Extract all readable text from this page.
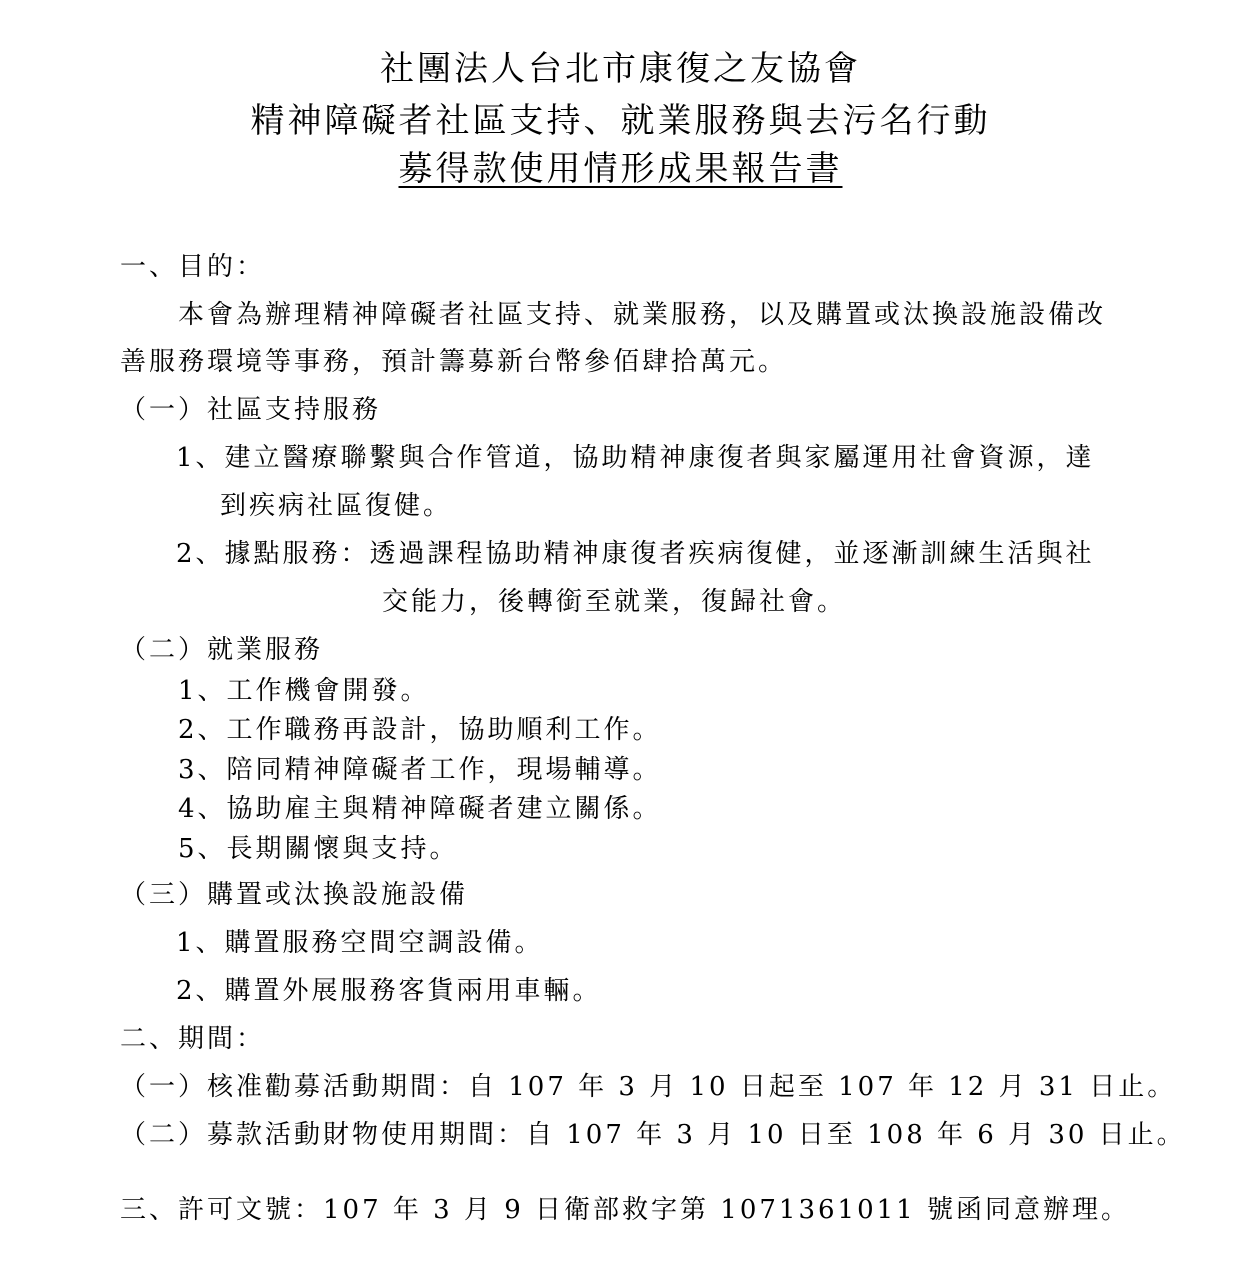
社團法人台北市康復之友協會
精神障礙者社區支持、就業服務與去污名行動
募得款使用情形成果報告書
一、目的：
本會為辦理精神障礙者社區支持、就業服務，以及購置或汰換設施設備改
善服務環境等事務，預計籌募新台幣參佰肆拾萬元。
（一）社區支持服務
1、建立醫療聯繫與合作管道，協助精神康復者與家屬運用社會資源，達
到疾病社區復健。
2、據點服務：透過課程協助精神康復者疾病復健，並逐漸訓練生活與社
交能力，後轉銜至就業，復歸社會。
（二）就業服務
1、工作機會開發。
2、工作職務再設計，協助順利工作。
3、陪同精神障礙者工作，現場輔導。
4、協助雇主與精神障礙者建立關係。
5、長期關懷與支持。
（三）購置或汰換設施設備
1、購置服務空間空調設備。
2、購置外展服務客貨兩用車輛。
二、期間：
（一）核准勸募活動期間：自 107 年 3 月 10 日起至 107 年 12 月 31 日止。
（二）募款活動財物使用期間：自 107 年 3 月 10 日至 108 年 6 月 30 日止。
三、許可文號：107 年 3 月 9 日衛部救字第 1071361011 號函同意辦理。
